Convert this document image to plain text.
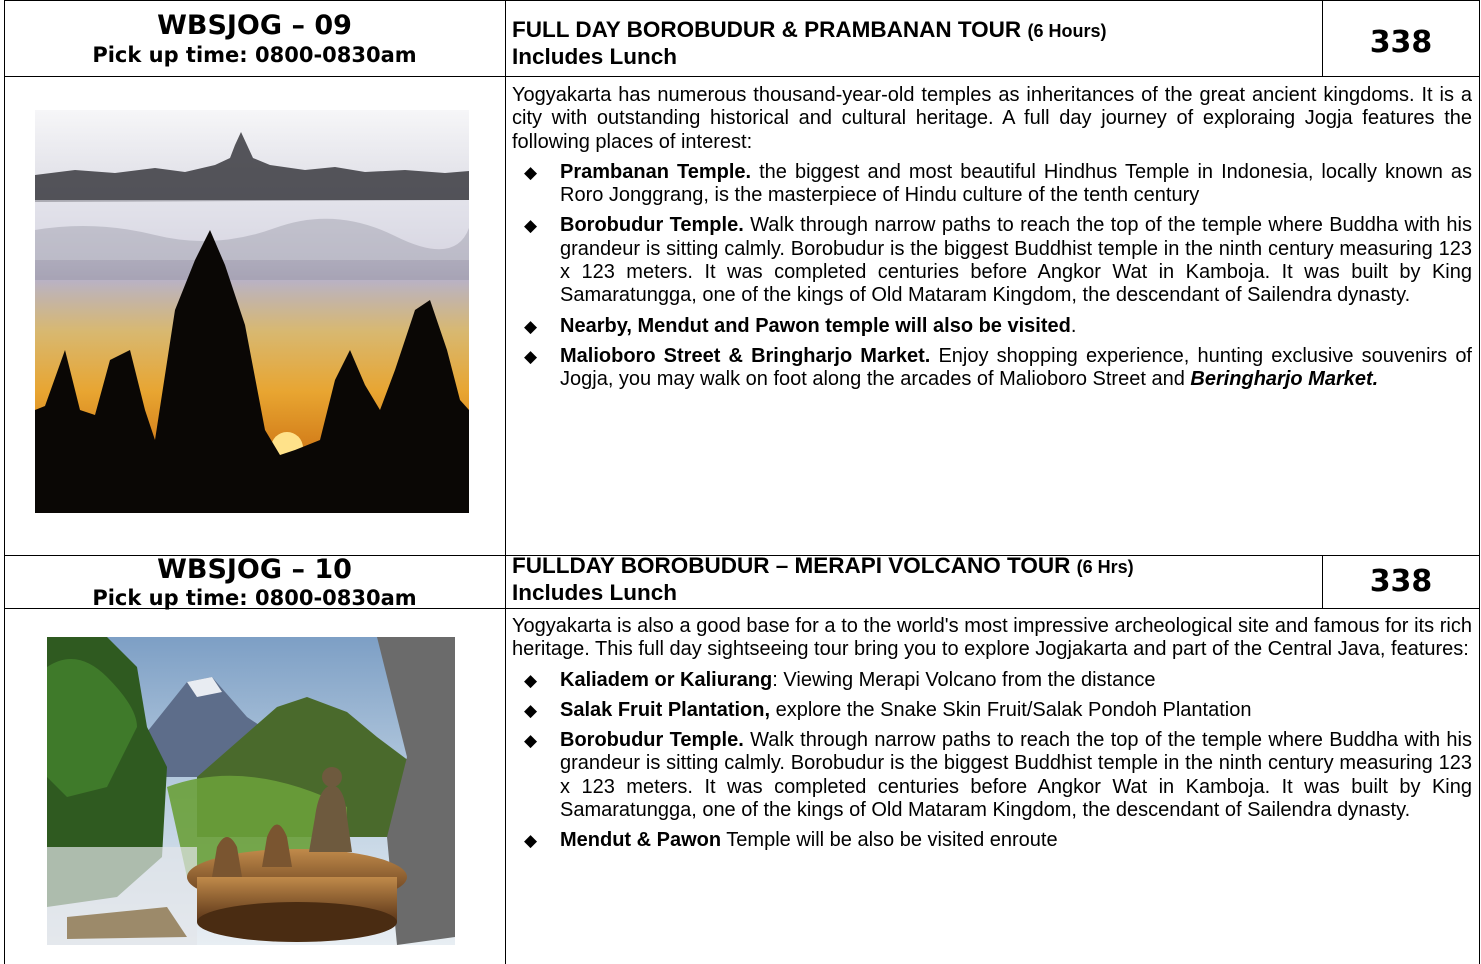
WBSJOG – 09
Pick up time: 0800-0830am
FULL DAY BOROBUDUR & PRAMBANAN TOUR (6 Hours)
Includes Lunch	338

Yogyakarta has numerous thousand-year-old temples as inheritances of the great ancient kingdoms. It is a city with outstanding historical and cultural heritage. A full day journey of exploraing Jogja features the following places of interest:

◆ Prambanan Temple. the biggest and most beautiful Hindhus Temple in Indonesia, locally known as Roro Jonggrang, is the masterpiece of Hindu culture of the tenth century
◆ Borobudur Temple. Walk through narrow paths to reach the top of the temple where Buddha with his grandeur is sitting calmly. Borobudur is the biggest Buddhist temple in the ninth century measuring 123 x 123 meters. It was completed centuries before Angkor Wat in Kamboja. It was built by King Samaratungga, one of the kings of Old Mataram Kingdom, the descendant of Sailendra dynasty.
◆ Nearby, Mendut and Pawon temple will also be visited.
◆ Malioboro Street & Bringharjo Market. Enjoy shopping experience, hunting exclusive souvenirs of Jogja, you may walk on foot along the arcades of Malioboro Street and Beringharjo Market.
WBSJOG – 10
Pick up time: 0800-0830am
FULLDAY BOROBUDUR – MERAPI VOLCANO TOUR (6 Hrs)
Includes Lunch	338

Yogyakarta is also a good base for a to the world's most impressive archeological site and famous for its rich heritage. This full day sightseeing tour bring you to explore Jogjakarta and part of the Central Java, features:

◆ Kaliadem or Kaliurang: Viewing Merapi Volcano from the distance
◆ Salak Fruit Plantation, explore the Snake Skin Fruit/Salak Pondoh Plantation
◆ Borobudur Temple. Walk through narrow paths to reach the top of the temple where Buddha with his grandeur is sitting calmly. Borobudur is the biggest Buddhist temple in the ninth century measuring 123 x 123 meters. It was completed centuries before Angkor Wat in Kamboja. It was built by King Samaratungga, one of the kings of Old Mataram Kingdom, the descendant of Sailendra dynasty.
◆ Mendut & Pawon Temple will be also be visited enroute
